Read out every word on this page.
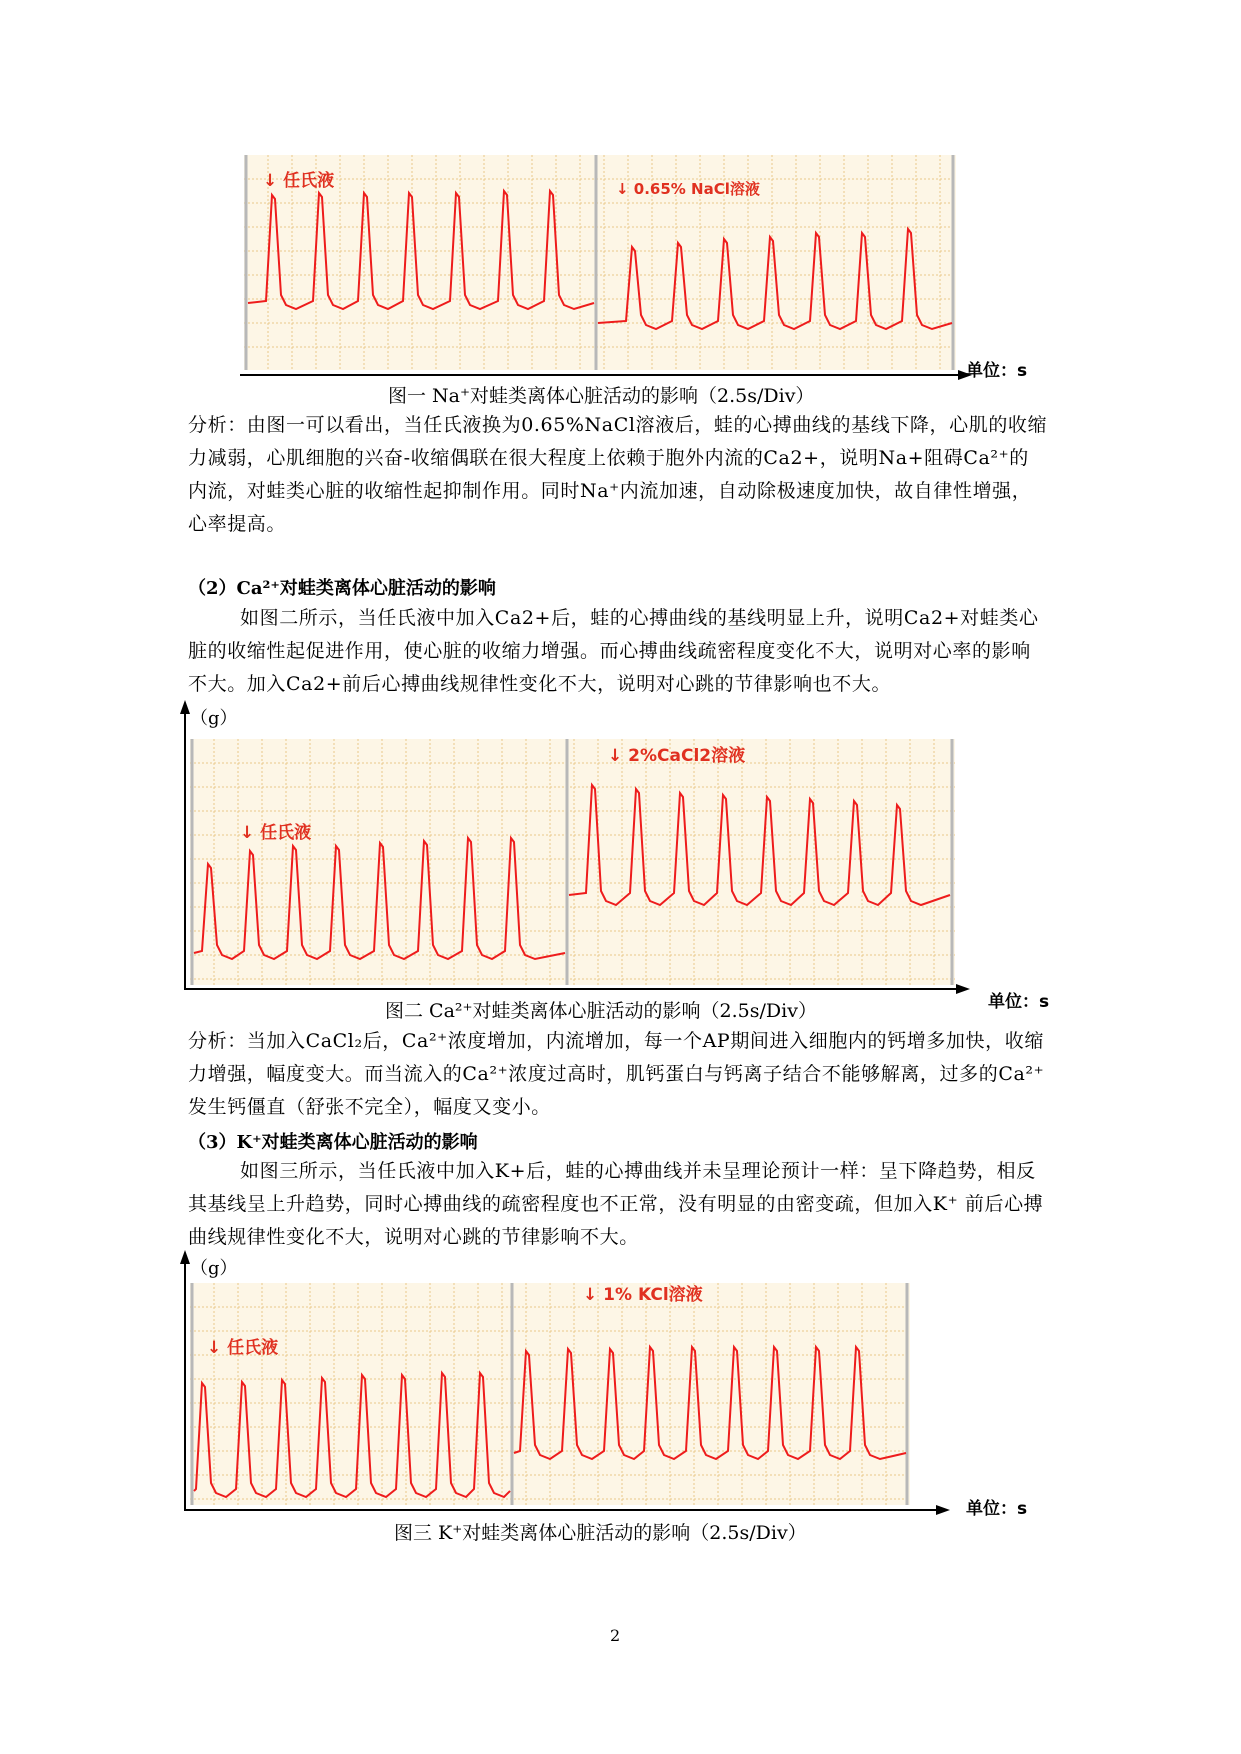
↓ 任氏液	↓ 0.65% NaCl溶液
单位：s
图一 Na⁺对蛙类离体心脏活动的影响（2.5s/Div）
分析：由图一可以看出，当任氏液换为0.65%NaCl溶液后，蛙的心搏曲线的基线下降，心肌的收缩力减弱，心肌细胞的兴奋-收缩偶联在很大程度上依赖于胞外内流的Ca2+，说明Na+阻碍Ca²⁺的内流，对蛙类心脏的收缩性起抑制作用。同时Na⁺内流加速，自动除极速度加快，故自律性增强，心率提高。
（2）Ca²⁺对蛙类离体心脏活动的影响
如图二所示，当任氏液中加入Ca2+后，蛙的心搏曲线的基线明显上升，说明Ca2+对蛙类心脏的收缩性起促进作用，使心脏的收缩力增强。而心搏曲线疏密程度变化不大，说明对心率的影响不大。加入Ca2+前后心搏曲线规律性变化不大，说明对心跳的节律影响也不大。
（g）
↓ 任氏液
↓ 2%CaCl2溶液
单位：s
图二 Ca²⁺对蛙类离体心脏活动的影响（2.5s/Div）
分析：当加入CaCl₂后，Ca²⁺浓度增加，内流增加，每一个AP期间进入细胞内的钙增多加快，收缩力增强，幅度变大。而当流入的Ca²⁺浓度过高时，肌钙蛋白与钙离子结合不能够解离，过多的Ca²⁺发生钙僵直（舒张不完全），幅度又变小。
（3）K⁺对蛙类离体心脏活动的影响
如图三所示，当任氏液中加入K+后，蛙的心搏曲线并未呈理论预计一样：呈下降趋势，相反其基线呈上升趋势，同时心搏曲线的疏密程度也不正常，没有明显的由密变疏，但加入K⁺ 前后心搏曲线规律性变化不大，说明对心跳的节律影响不大。
（g）
↓ 任氏液
↓ 1% KCl溶液
单位：s
图三 K⁺对蛙类离体心脏活动的影响（2.5s/Div）
2
